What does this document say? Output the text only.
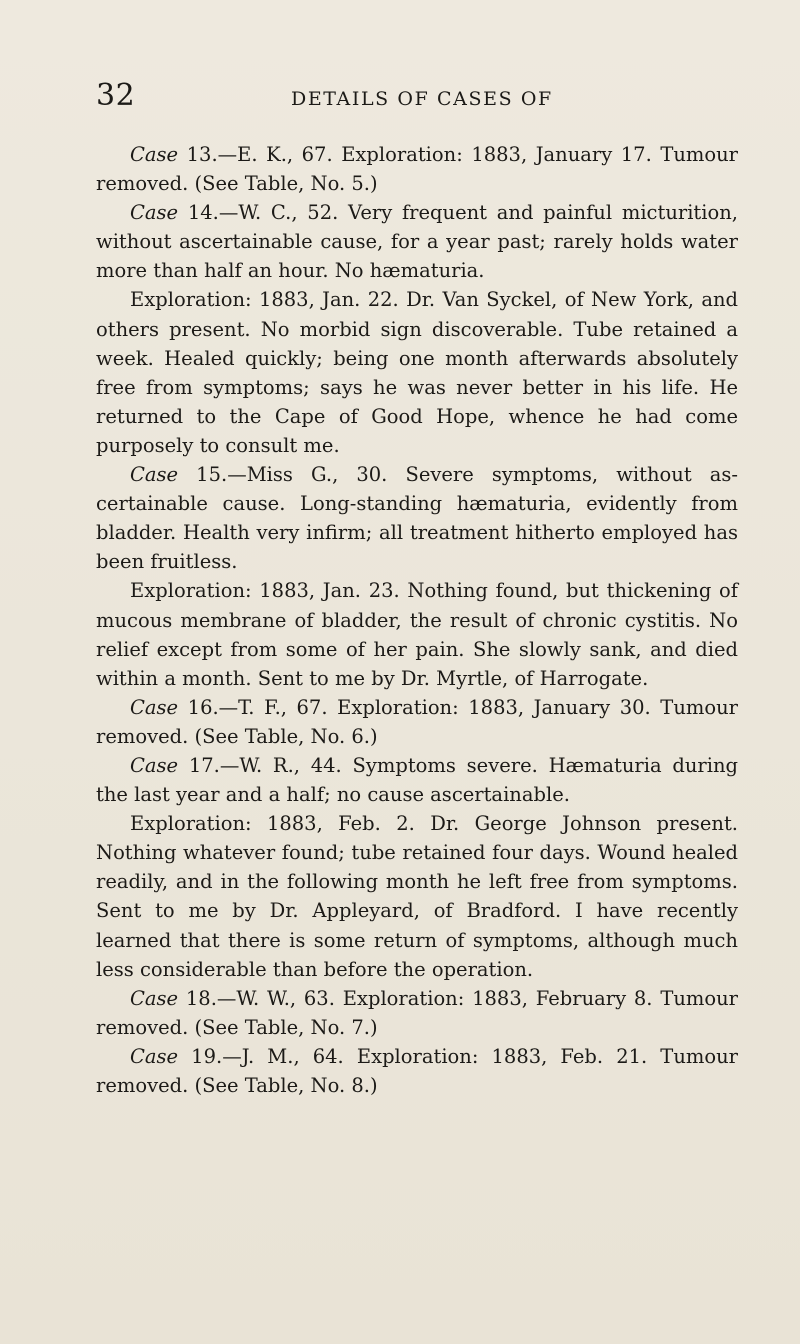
32	DETAILS OF CASES OF

Case 13.—E. K., 67. Exploration: 1883, January 17. Tumour removed. (See Table, No. 5.)

Case 14.—W. C., 52. Very frequent and painful micturition, without ascertainable cause, for a year past; rarely holds water more than half an hour. No hæmaturia.

Exploration: 1883, Jan. 22. Dr. Van Syckel, of New York, and others present. No morbid sign discoverable. Tube retained a week. Healed quickly; being one month afterwards absolutely free from symptoms; says he was never better in his life. He returned to the Cape of Good Hope, whence he had come purposely to consult me.

Case 15.—Miss G., 30. Severe symptoms, without ascertainable cause. Long-standing hæmaturia, evidently from bladder. Health very infirm; all treatment hitherto employed has been fruitless.

Exploration: 1883, Jan. 23. Nothing found, but thickening of mucous membrane of bladder, the result of chronic cystitis. No relief except from some of her pain. She slowly sank, and died within a month. Sent to me by Dr. Myrtle, of Harrogate.

Case 16.—T. F., 67. Exploration: 1883, January 30. Tumour removed. (See Table, No. 6.)

Case 17.—W. R., 44. Symptoms severe. Hæmaturia during the last year and a half; no cause ascertainable.

Exploration: 1883, Feb. 2. Dr. George Johnson present. Nothing whatever found; tube retained four days. Wound healed readily, and in the following month he left free from symptoms. Sent to me by Dr. Appleyard, of Bradford. I have recently learned that there is some return of symptoms, although much less considerable than before the operation.

Case 18.—W. W., 63. Exploration: 1883, February 8. Tumour removed. (See Table, No. 7.)

Case 19.—J. M., 64. Exploration: 1883, Feb. 21. Tumour removed. (See Table, No. 8.)
